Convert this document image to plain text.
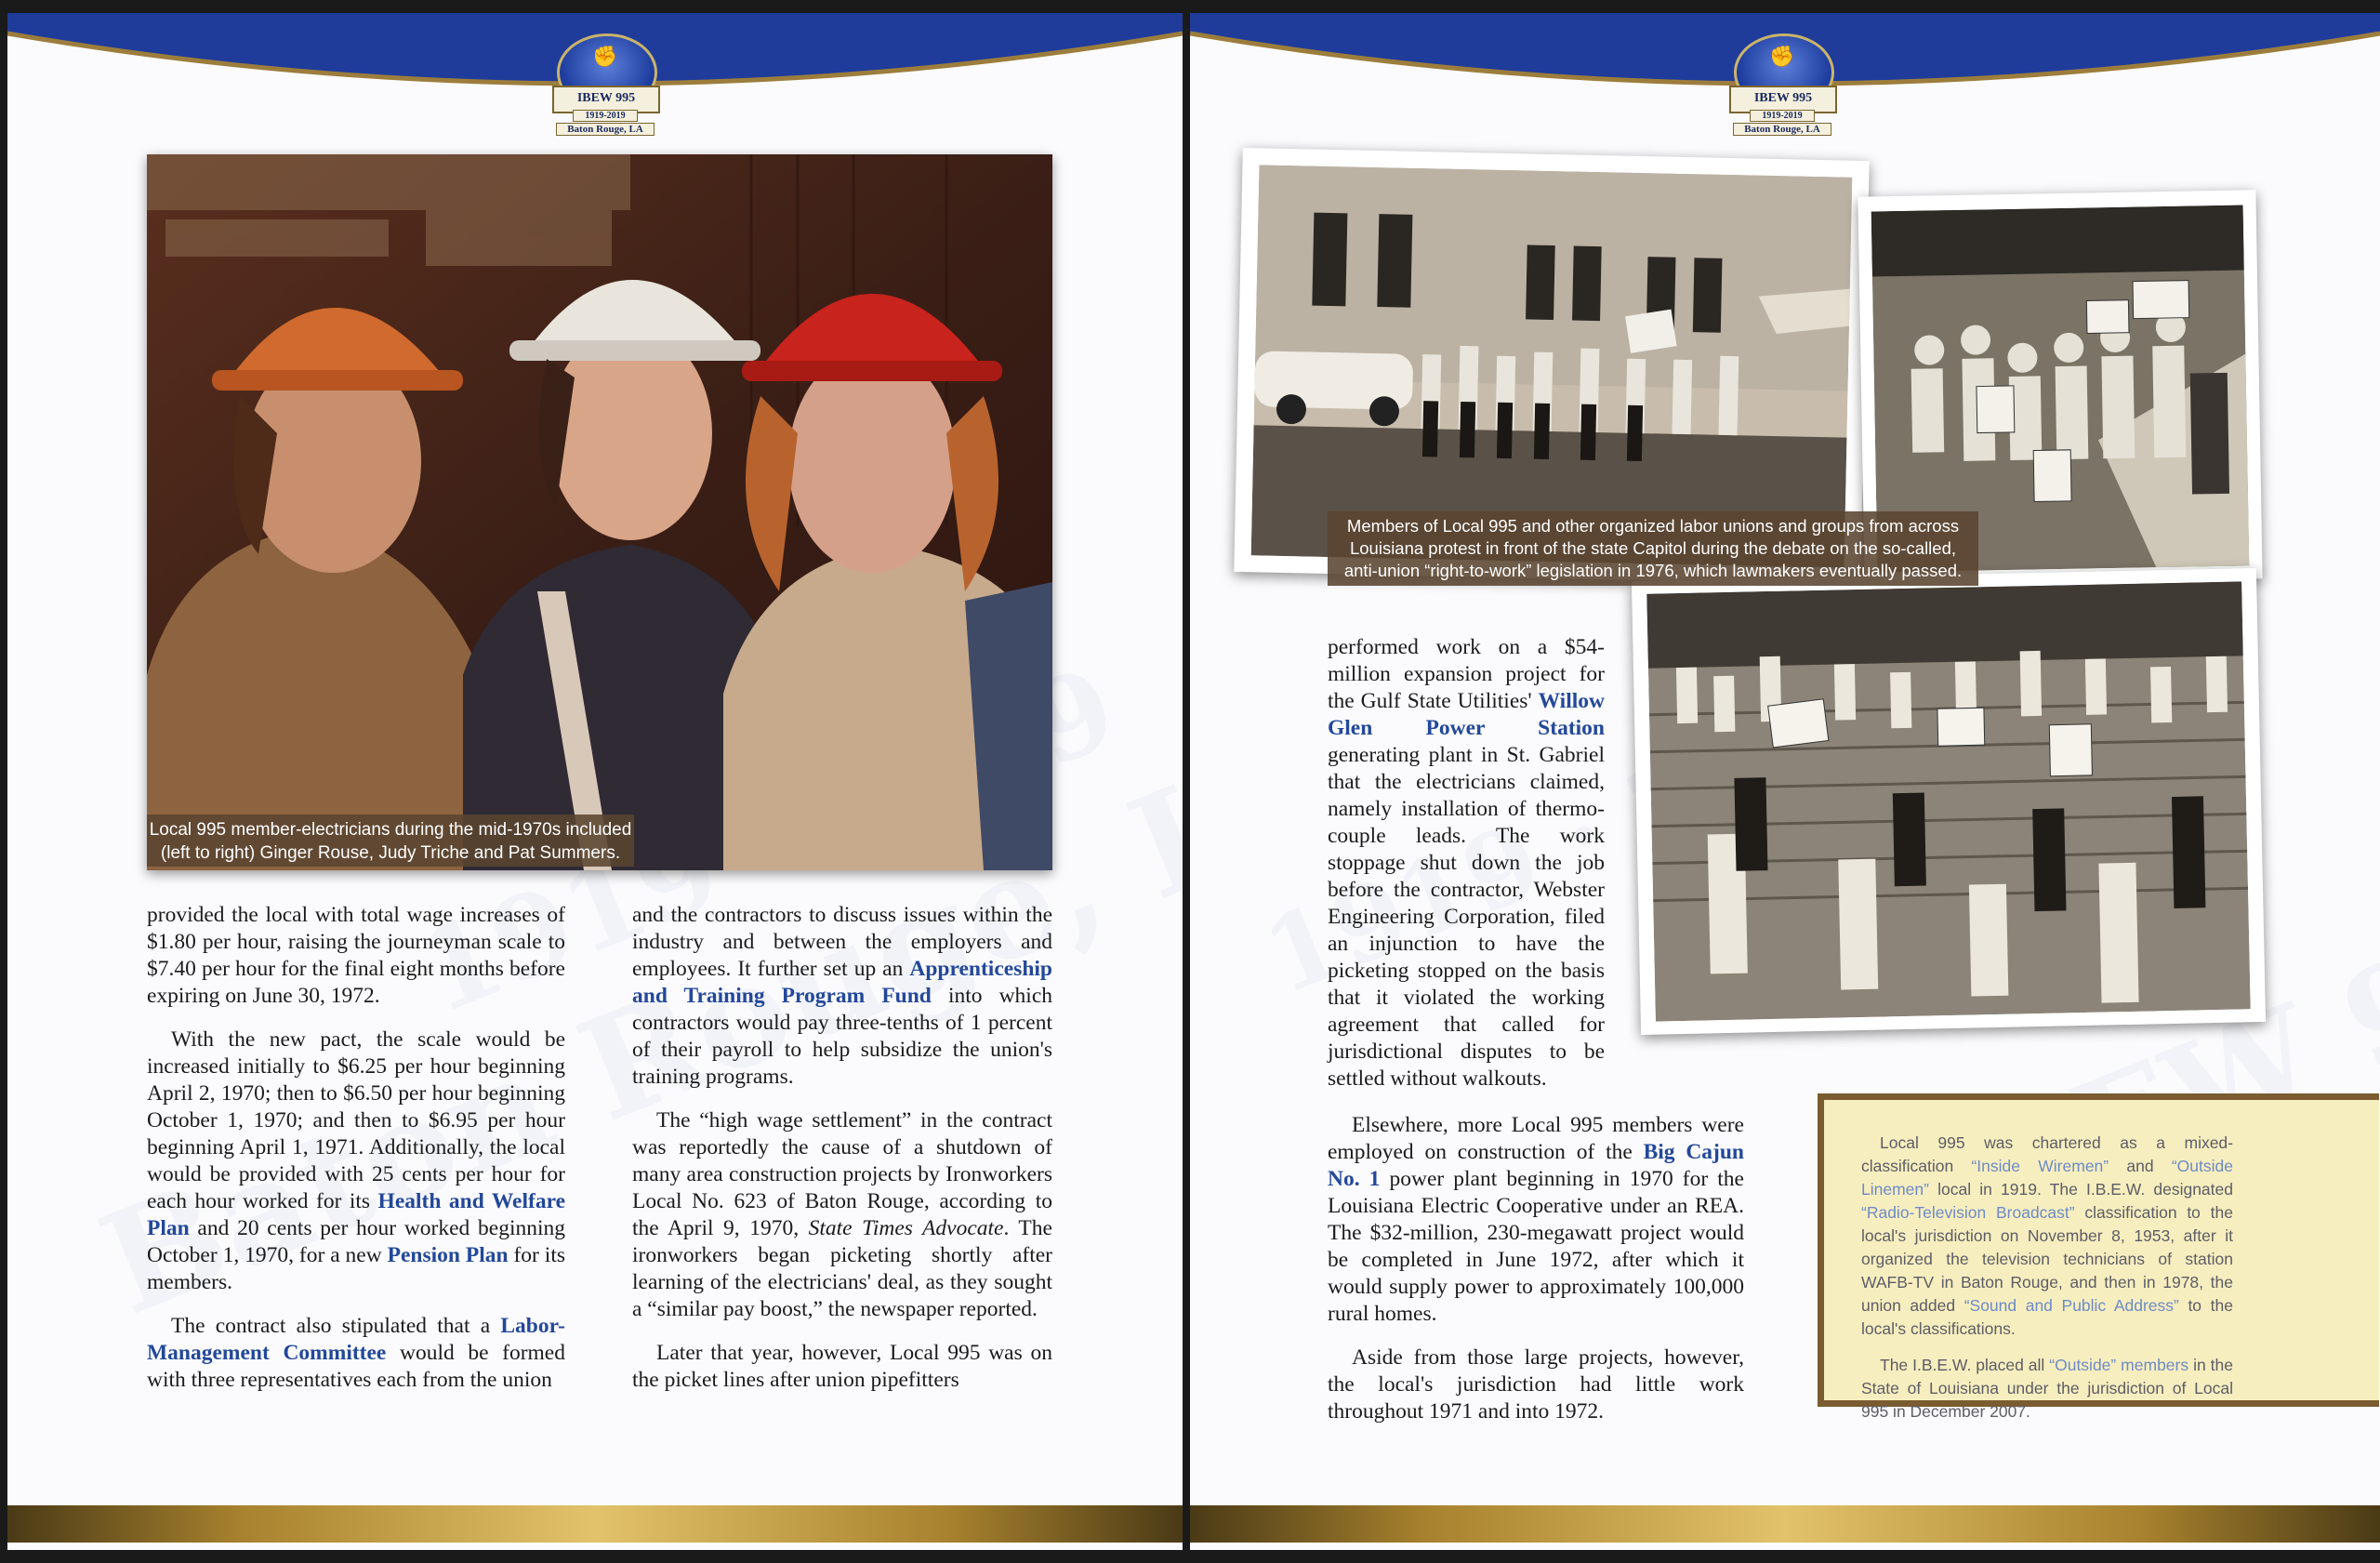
✊
IBEW 995
1919-2019
Baton Rouge, LA
Local 995 member-electricians during the mid-1970s included
(left to right) Ginger Rouse, Judy Triche and Pat Summers.

provided the local with total wage increases of $1.80 per hour, raising the journeyman scale to $7.40 per hour for the final eight months before expiring on June 30, 1972.

With the new pact, the scale would be increased initially to $6.25 per hour beginning April 2, 1970; then to $6.50 per hour beginning October 1, 1970; and then to $6.95 per hour beginning April 1, 1971. Additionally, the local would be provided with 25 cents per hour for each hour worked for its Health and Welfare Plan and 20 cents per hour worked beginning October 1, 1970, for a new Pension Plan for its members.

The contract also stipulated that a Labor-Management Committee would be formed with three representatives each from the union

and the contractors to discuss issues within the industry and between the employers and employees. It further set up an Apprenticeship and Training Program Fund into which contractors would pay three-tenths of 1 percent of their payroll to help subsidize the union's training programs.

The “high wage settlement” in the contract was reportedly the cause of a shutdown of many area construction projects by Ironworkers Local No. 623 of Baton Rouge, according to the April 9, 1970, State Times Advocate. The ironworkers began picketing shortly after learning of the electricians' deal, as they sought a “similar pay boost,” the newspaper reported.

Later that year, however, Local 995 was on the picket lines after union pipefitters

✊
IBEW 995
1919-2019
Baton Rouge, LA
Members of Local 995 and other organized labor unions and groups from across
Louisiana protest in front of the state Capitol during the debate on the so-called,
anti-union “right-to-work” legislation in 1976, which lawmakers eventually passed.

performed work on a $54-million expansion project for the Gulf State Utilities' Willow Glen Power Station generating plant in St. Gabriel that the electricians claimed, namely installation of thermo-couple leads. The work stoppage shut down the job before the contractor, Webster Engineering Corporation, filed an injunction to have the picketing stopped on the basis that it violated the working agreement that called for jurisdictional disputes to be settled without walkouts.

Elsewhere, more Local 995 members were employed on construction of the Big Cajun No. 1 power plant beginning in 1970 for the Louisiana Electric Cooperative under an REA. The $32-million, 230-megawatt project would be completed in June 1972, after which it would supply power to approximately 100,000 rural homes.

Aside from those large projects, however, the local's jurisdiction had little work throughout 1971 and into 1972.

Local 995 was chartered as a mixed-classification “Inside Wiremen” and “Outside Linemen” local in 1919. The I.B.E.W. designated “Radio-Television Broadcast” classification to the local's jurisdiction on November 8, 1953, after it organized the television technicians of station WAFB-TV in Baton Rouge, and then in 1978, the union added “Sound and Public Address” to the local's classifications.

The I.B.E.W. placed all “Outside” members in the State of Louisiana under the jurisdiction of Local 995 in December 2007.
